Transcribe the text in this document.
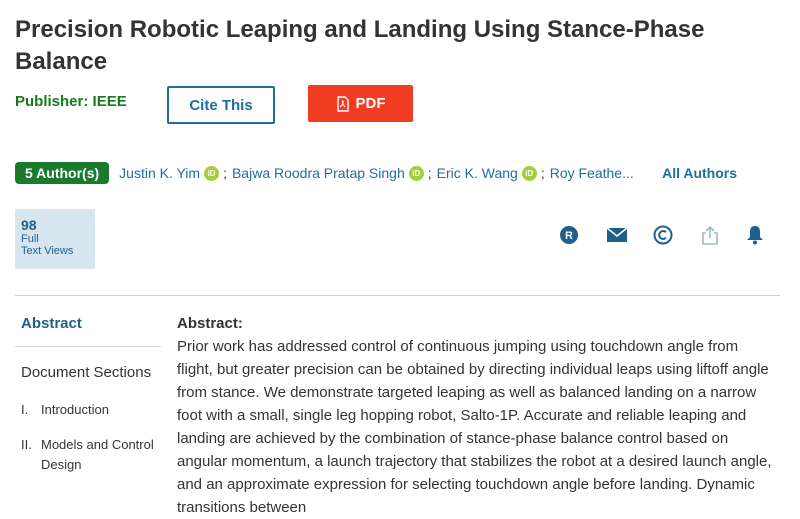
Precision Robotic Leaping and Landing Using Stance-Phase Balance
Publisher: IEEE	Cite This	PDF
5 Author(s)	Justin K. Yim iD ; Bajwa Roodra Pratap Singh iD ; Eric K. Wang iD ; Roy Feathe... All Authors
98
Full
Text Views
R
Abstract
Document Sections
I. Introduction
II. Models and Control Design
Abstract:
Prior work has addressed control of continuous jumping using touchdown angle from flight, but greater precision can be obtained by directing individual leaps using liftoff angle from stance. We demonstrate targeted leaping as well as balanced landing on a narrow foot with a small, single leg hopping robot, Salto-1P. Accurate and reliable leaping and landing are achieved by the combination of stance-phase balance control based on angular momentum, a launch trajectory that stabilizes the robot at a desired launch angle, and an approximate expression for selecting touchdown angle before landing. Dynamic transitions between
